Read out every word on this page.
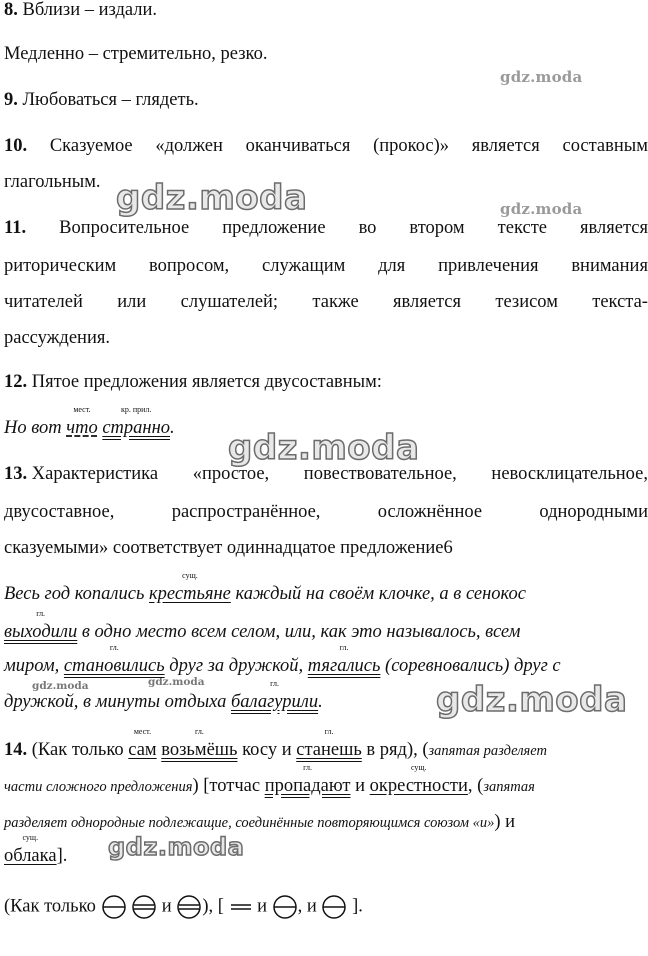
gdz.moda
gdz.moda	gdz.moda
gdz.moda
gdz.moda	gdz.moda	gdz.moda
gdz.moda
8. Вблизи – издали.
Медленно – стремительно, резко.
9. Любоваться – глядеть.
10. Сказуемое «должен оканчиваться (прокос)» является составным
глагольным.
11. Вопросительное предложение во втором тексте является
риторическим вопросом, служащим для привлечения внимания
читателей или слушателей; также является тезисом текста-
рассуждения.
12. Пятое предложения является двусоставным:
Но вот
мест.
что
кр. прил.
странно.
13. Характеристика «простое, повествовательное, невосклицательное,
двусоставное,	распространённое,	осложнённое	однородными
сказуемыми» соответствует одиннадцатое предложение6
Весь год копались
сущ.
крестьяне каждый на своём клочке, а в сенокос
гл.
выходили в одно место всем селом, или, как это называлось, всем
миром,
гл.
становились друг за дружкой,
гл.
тягались (соревновались) друг с
дружкой, в минуты отдыха
гл.
балагурили.
14. (Как только
мест.
сам
гл.
возьмёшь косу и
гл.
станешь в ряд), (запятая разделяет
части сложного предложения) [тотчас
гл.
пропадают и
сущ.
окрестности, (запятая
разделяет однородные подлежащие, соединённые повторяющимся союзом «и») и
сущ.
облака].
(Как только	и ), [ и , и ].
